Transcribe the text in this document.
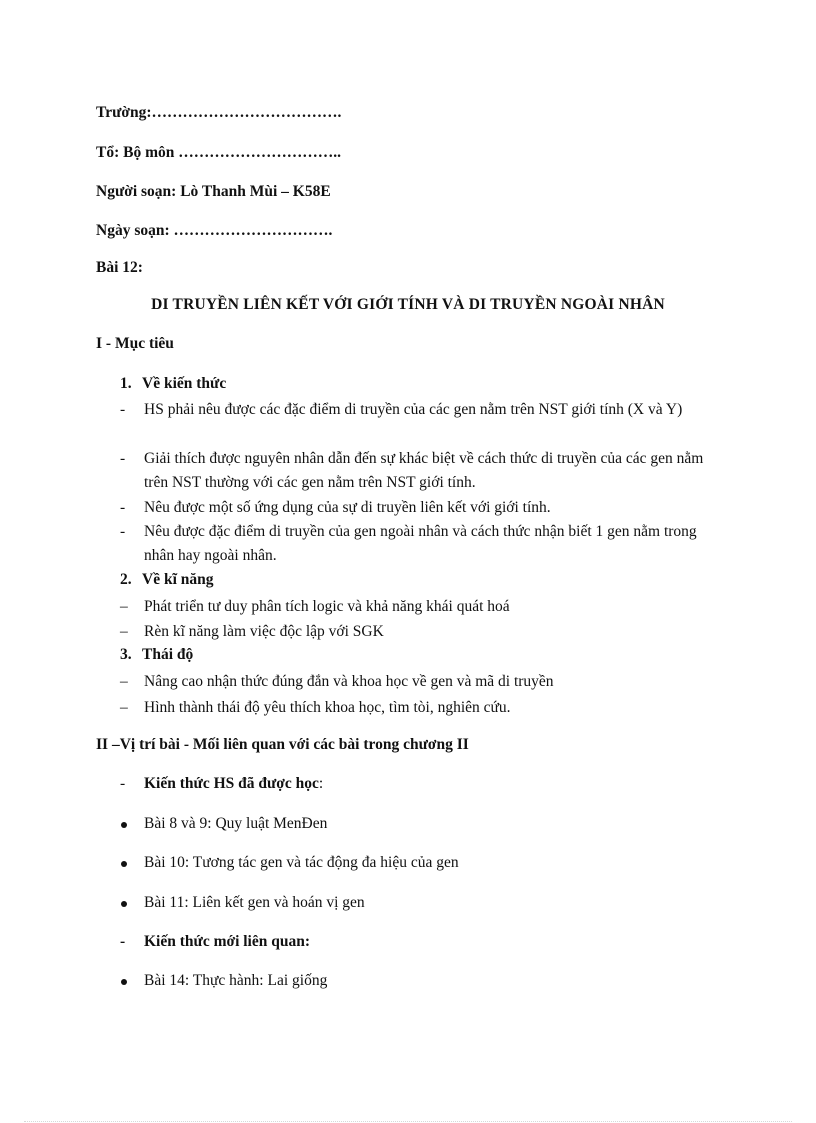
Trường:……………………………….
Tổ: Bộ môn …………………………..
Người soạn: Lò Thanh Mùi – K58E
Ngày soạn: ………………………….
Bài 12:
DI TRUYỀN LIÊN KẾT VỚI GIỚI TÍNH VÀ DI TRUYỀN NGOÀI NHÂN
I - Mục tiêu
1. Về kiến thức
-	HS phải nêu được các đặc điểm di truyền của các gen nằm trên NST giới tính (X và Y)
-	Giải thích được nguyên nhân dẫn đến sự khác biệt về cách thức di truyền của các gen nằm trên NST thường với các gen nằm trên NST giới tính.
-	Nêu được một số ứng dụng của sự di truyền liên kết với giới tính.
-	Nêu được đặc điểm di truyền của gen ngoài nhân và cách thức nhận biết 1 gen nằm trong nhân hay ngoài nhân.
2. Về kĩ năng
–	Phát triển tư duy phân tích logic và khả năng khái quát hoá
–	Rèn kĩ năng làm việc độc lập với SGK
3. Thái độ
–	Nâng cao nhận thức đúng đắn và khoa học về gen và mã di truyền
–	Hình thành thái độ yêu thích khoa học, tìm tòi, nghiên cứu.
II –Vị trí bài - Mối liên quan với các bài trong chương II
- Kiến thức HS đã được học:
Bài 8 và 9: Quy luật MenĐen
Bài 10: Tương tác gen và tác động đa hiệu của gen
Bài 11: Liên kết gen và hoán vị gen
- Kiến thức mới liên quan:
Bài 14: Thực hành: Lai giống
